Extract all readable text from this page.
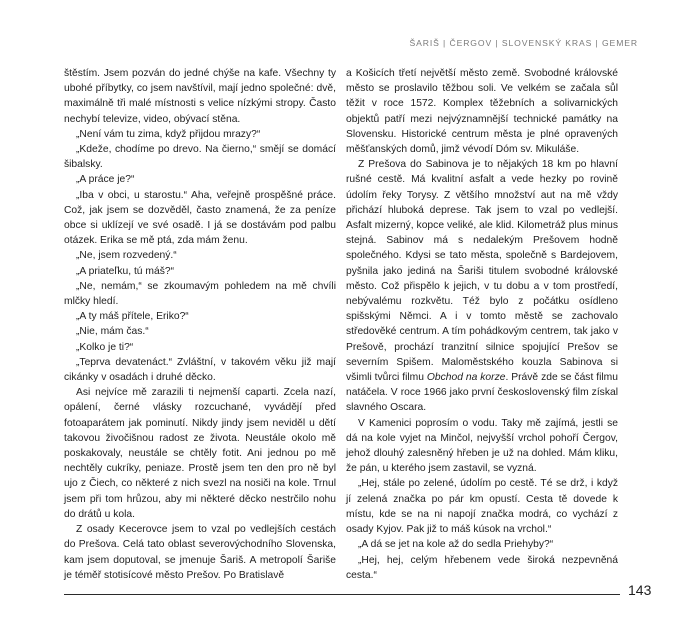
ŠARIŠ | ČERGOV | SLOVENSKÝ KRAS | GEMER

štěstím. Jsem pozván do jedné chýše na kafe. Všechny ty ubohé příbytky, co jsem navštívil, mají jedno společné: dvě, maximálně tři malé místnosti s velice nízkými stropy. Často nechybí televize, video, obývací stěna.

„Není vám tu zima, když přijdou mrazy?“

„Kdeže, chodíme po drevo. Na čierno,“ smějí se domácí šibalsky.

„A práce je?“

„Iba v obci, u starostu.“ Aha, veřejně prospěšné práce. Což, jak jsem se dozvěděl, často znamená, že za peníze obce si uklízejí ve své osadě. I já se dostávám pod palbu otázek. Erika se mě ptá, zda mám ženu.

„Ne, jsem rozvedený.“

„A priateľku, tú máš?“

„Ne, nemám,“ se zkoumavým pohledem na mě chvíli mlčky hledí.

„A ty máš přítele, Eriko?“

„Nie, mám čas.“

„Kolko je ti?“

„Teprva devatenáct.“ Zvláštní, v takovém věku již mají cikánky v osadách i druhé děcko.

Asi nejvíce mě zarazili ti nejmenší caparti. Zcela nazí, opálení, černé vlásky rozcuchané, vyvádějí před fotoaparátem jak pominutí. Nikdy jindy jsem neviděl u dětí takovou živočišnou radost ze života. Neustále okolo mě poskakovaly, neustále se chtěly fotit. Ani jednou po mě nechtěly cukríky, peniaze. Prostě jsem ten den pro ně byl ujo z Čiech, co některé z nich svezl na nosiči na kole. Trnul jsem při tom hrůzou, aby mi některé děcko nestrčilo nohu do drátů u kola.

Z osady Kecerovce jsem to vzal po vedlejších cestách do Prešova. Celá tato oblast severovýchodního Slovenska, kam jsem doputoval, se jmenuje Šariš. A metropolí Šariše je téměř stotisícové město Prešov. Po Bratislavě

a Košicích třetí největší město země. Svobodné královské město se proslavilo těžbou soli. Ve velkém se začala sůl těžit v roce 1572. Komplex těžebních a solivarnických objektů patří mezi nejvýznamnější technické památky na Slovensku. Historické centrum města je plné opravených měšťanských domů, jimž vévodí Dóm sv. Mikuláše.

Z Prešova do Sabinova je to nějakých 18 km po hlavní rušné cestě. Má kvalitní asfalt a vede hezky po rovině údolím řeky Torysy. Z většího množství aut na mě vždy přichází hluboká deprese. Tak jsem to vzal po vedlejší. Asfalt mizerný, kopce veliké, ale klid. Kilometráž plus minus stejná. Sabinov má s nedalekým Prešovem hodně společného. Kdysi se tato města, společně s Bardejovem, pyšnila jako jediná na Šariši titulem svobodné královské město. Což přispělo k jejich, v tu dobu a v tom prostředí, nebývalému rozkvětu. Též bylo z počátku osídleno spišskými Němci. A i v tomto městě se zachovalo středověké centrum. A tím pohádkovým centrem, tak jako v Prešově, prochází tranzitní silnice spojující Prešov se severním Spišem. Maloměstského kouzla Sabinova si všimli tvůrci filmu Obchod na korze. Právě zde se část filmu natáčela. V roce 1966 jako první československý film získal slavného Oscara.

V Kamenici poprosím o vodu. Taky mě zajímá, jestli se dá na kole vyjet na Minčol, nejvyšší vrchol pohoří Čergov, jehož dlouhý zalesněný hřeben je už na dohled. Mám kliku, že pán, u kterého jsem zastavil, se vyzná.

„Hej, stále po zelené, údolím po cestě. Té se drž, i když jí zelená značka po pár km opustí. Cesta tě dovede k místu, kde se na ni napojí značka modrá, co vychází z osady Kyjov. Pak již to máš kúsok na vrchol.“

„A dá se jet na kole až do sedla Priehyby?“

„Hej, hej, celým hřebenem vede široká nezpevněná cesta.“

143
